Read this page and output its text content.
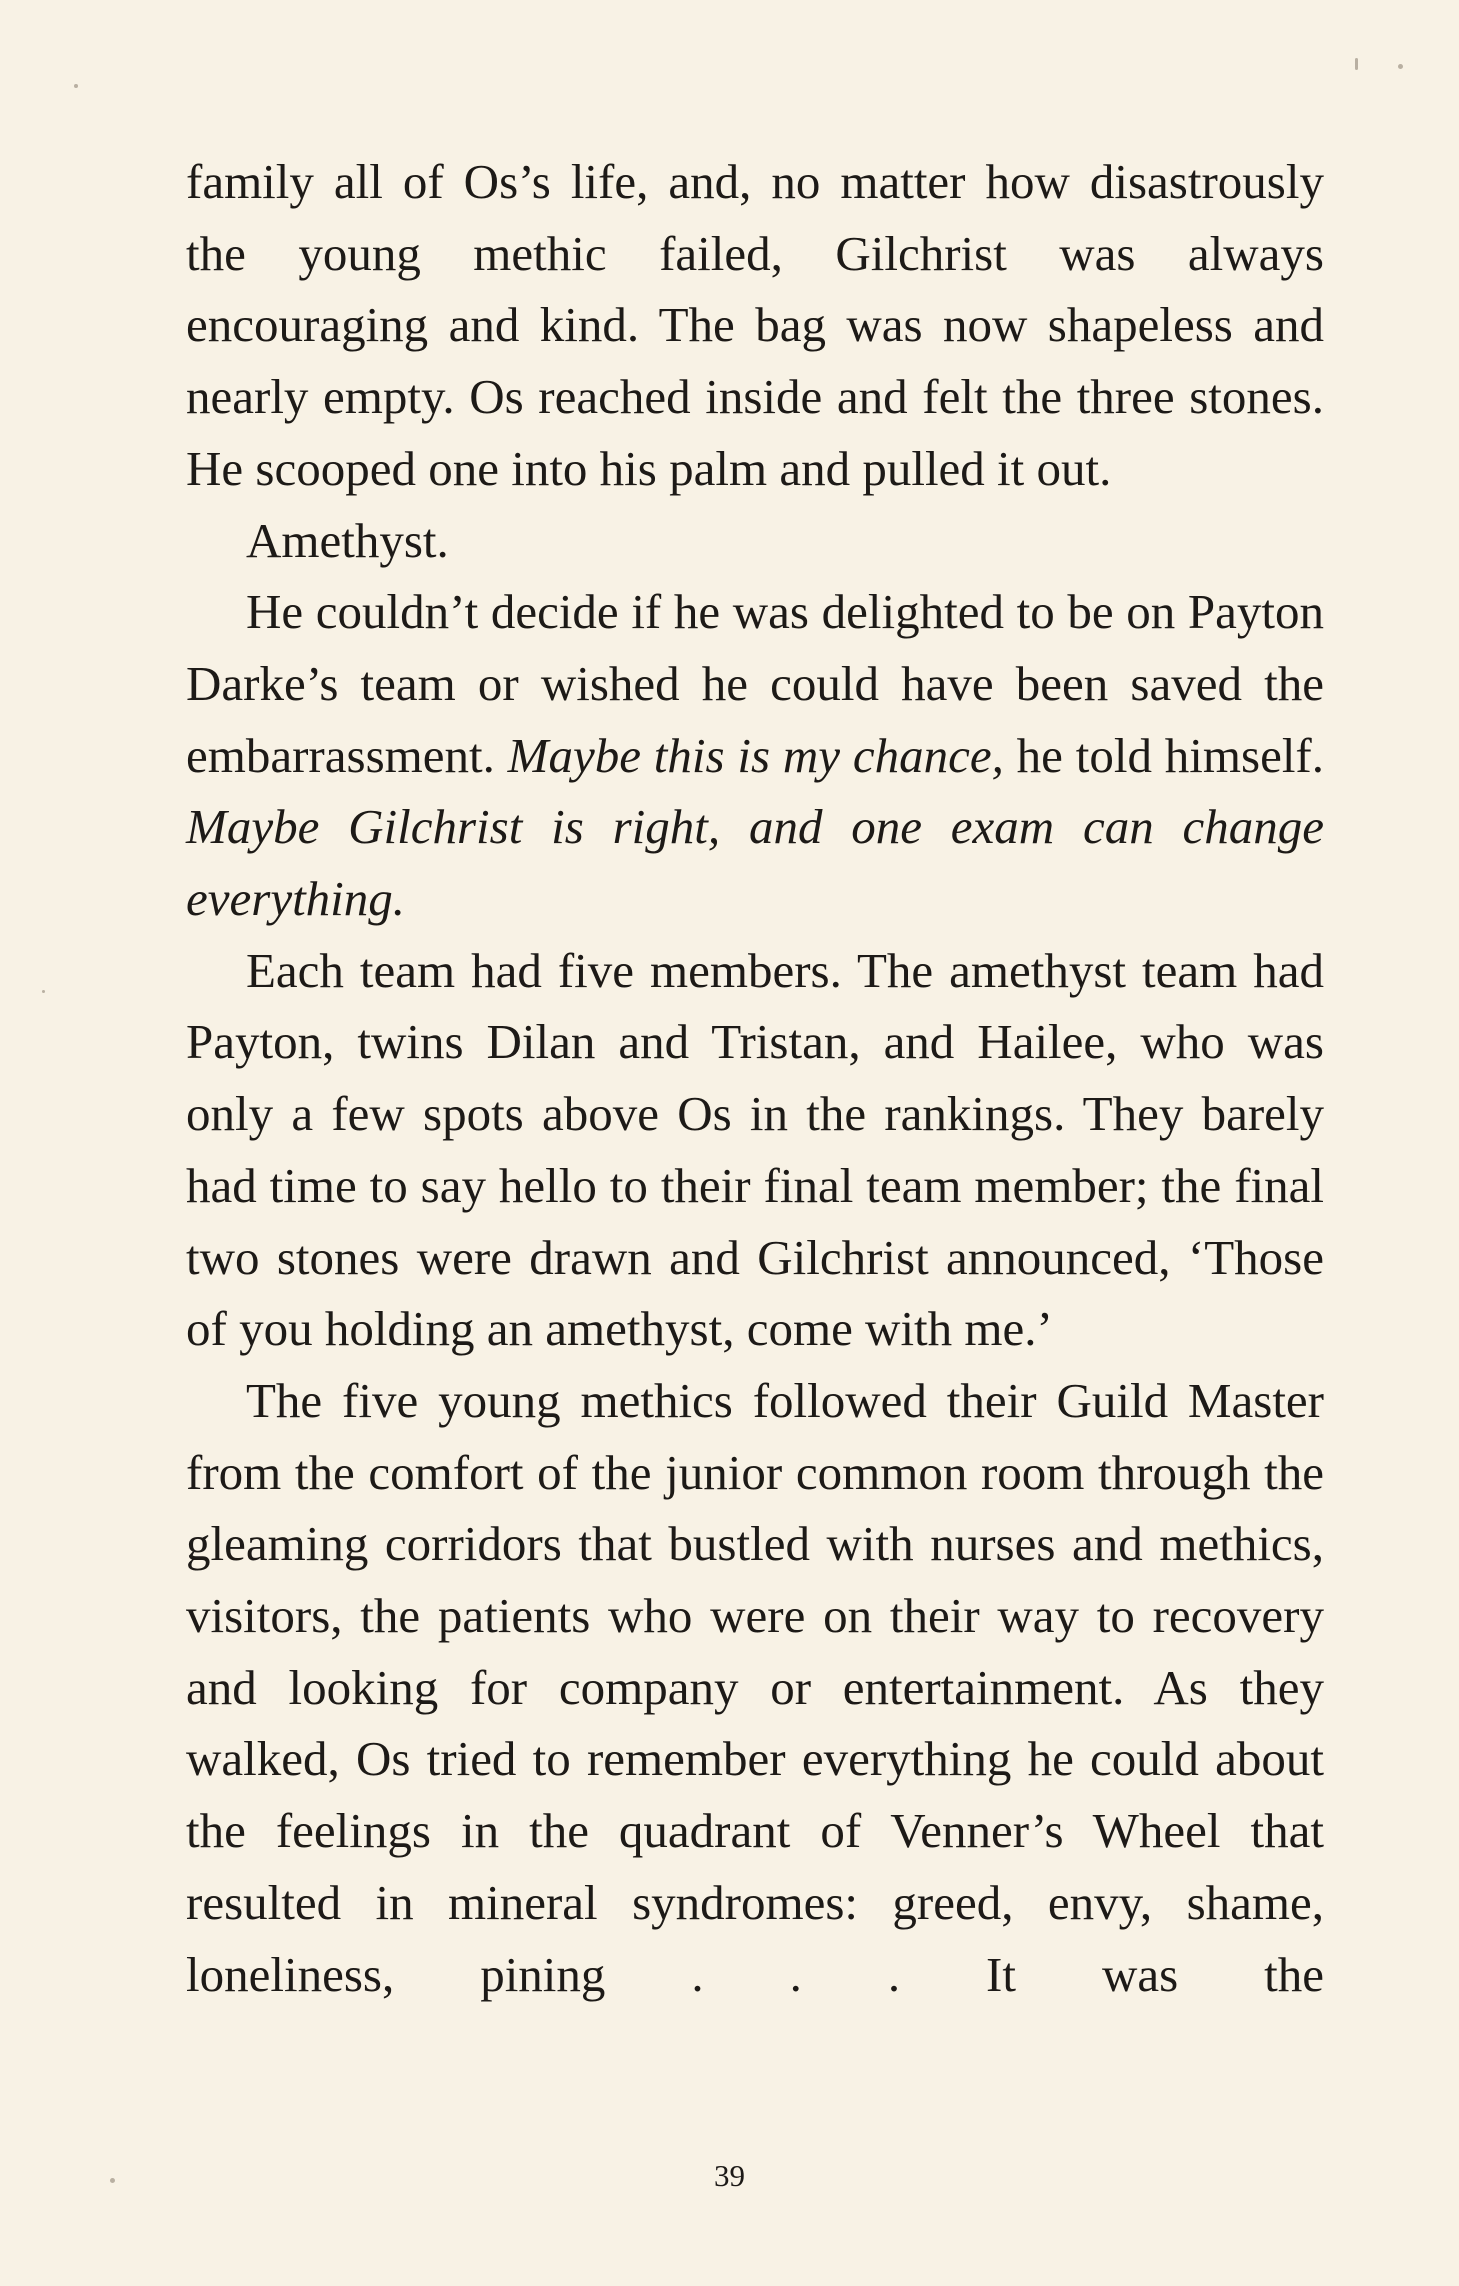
family all of Os’s life, and, no matter how disastrously the young methic failed, Gilchrist was always encouraging and kind. The bag was now shapeless and nearly empty. Os reached inside and felt the three stones. He scooped one into his palm and pulled it out.

Amethyst.

He couldn’t decide if he was delighted to be on Payton Darke’s team or wished he could have been saved the embarrassment. Maybe this is my chance, he told himself. Maybe Gilchrist is right, and one exam can change everything.

Each team had five members. The amethyst team had Payton, twins Dilan and Tristan, and Hailee, who was only a few spots above Os in the rankings. They barely had time to say hello to their final team member; the final two stones were drawn and Gilchrist announced, ‘Those of you holding an amethyst, come with me.’

The five young methics followed their Guild Master from the comfort of the junior common room through the gleaming corridors that bustled with nurses and methics, visitors, the patients who were on their way to recovery and looking for company or entertainment. As they walked, Os tried to remember everything he could about the feelings in the quadrant of Venner’s Wheel that resulted in mineral syndromes: greed, envy, shame, loneliness, pining . . . It was the

39
